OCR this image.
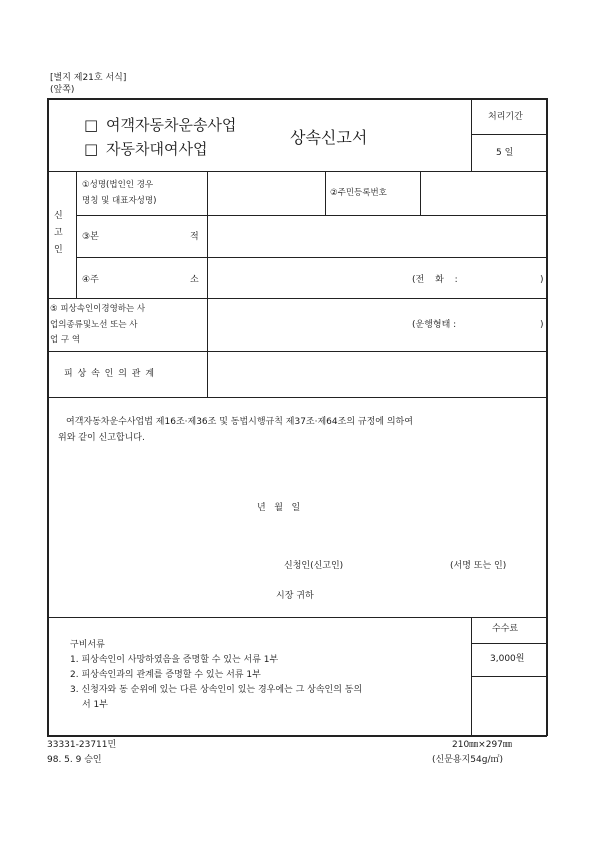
[별지 제21호 서식]
(앞쪽)
□ 여객자동차운송사업
□ 자동차대여사업
상속신고서
처리기간
5 일
신
고
인
①성명(법인인 경우
명칭 및 대표자성명)
②주민등록번호
③본	적
④주	소	(전 화 :	)
⑤ 피상속인이경영하는 사
업의종류및노선 또는 사
업 구 역
(운행형태 :	)
피 상 속 인 의 관 계
여객자동차운수사업법 제16조·제36조 및 동법시행규칙 제37조·제64조의 규정에 의하여
위와 같이 신고합니다.
년   월   일
신청인(신고인)	(서명 또는 인)
시장 귀하
구비서류
1. 피상속인이 사망하였음을 증명할 수 있는 서류 1부
2. 피상속인과의 관계를 증명할 수 있는 서류 1부
3. 신청자와 동 순위에 있는 다른 상속인이 있는 경우에는 그 상속인의 동의
서 1부
수수료
3,000원
33331-23711민
98. 5. 9 승인
210㎜×297㎜
(신문용지54g/㎡)
